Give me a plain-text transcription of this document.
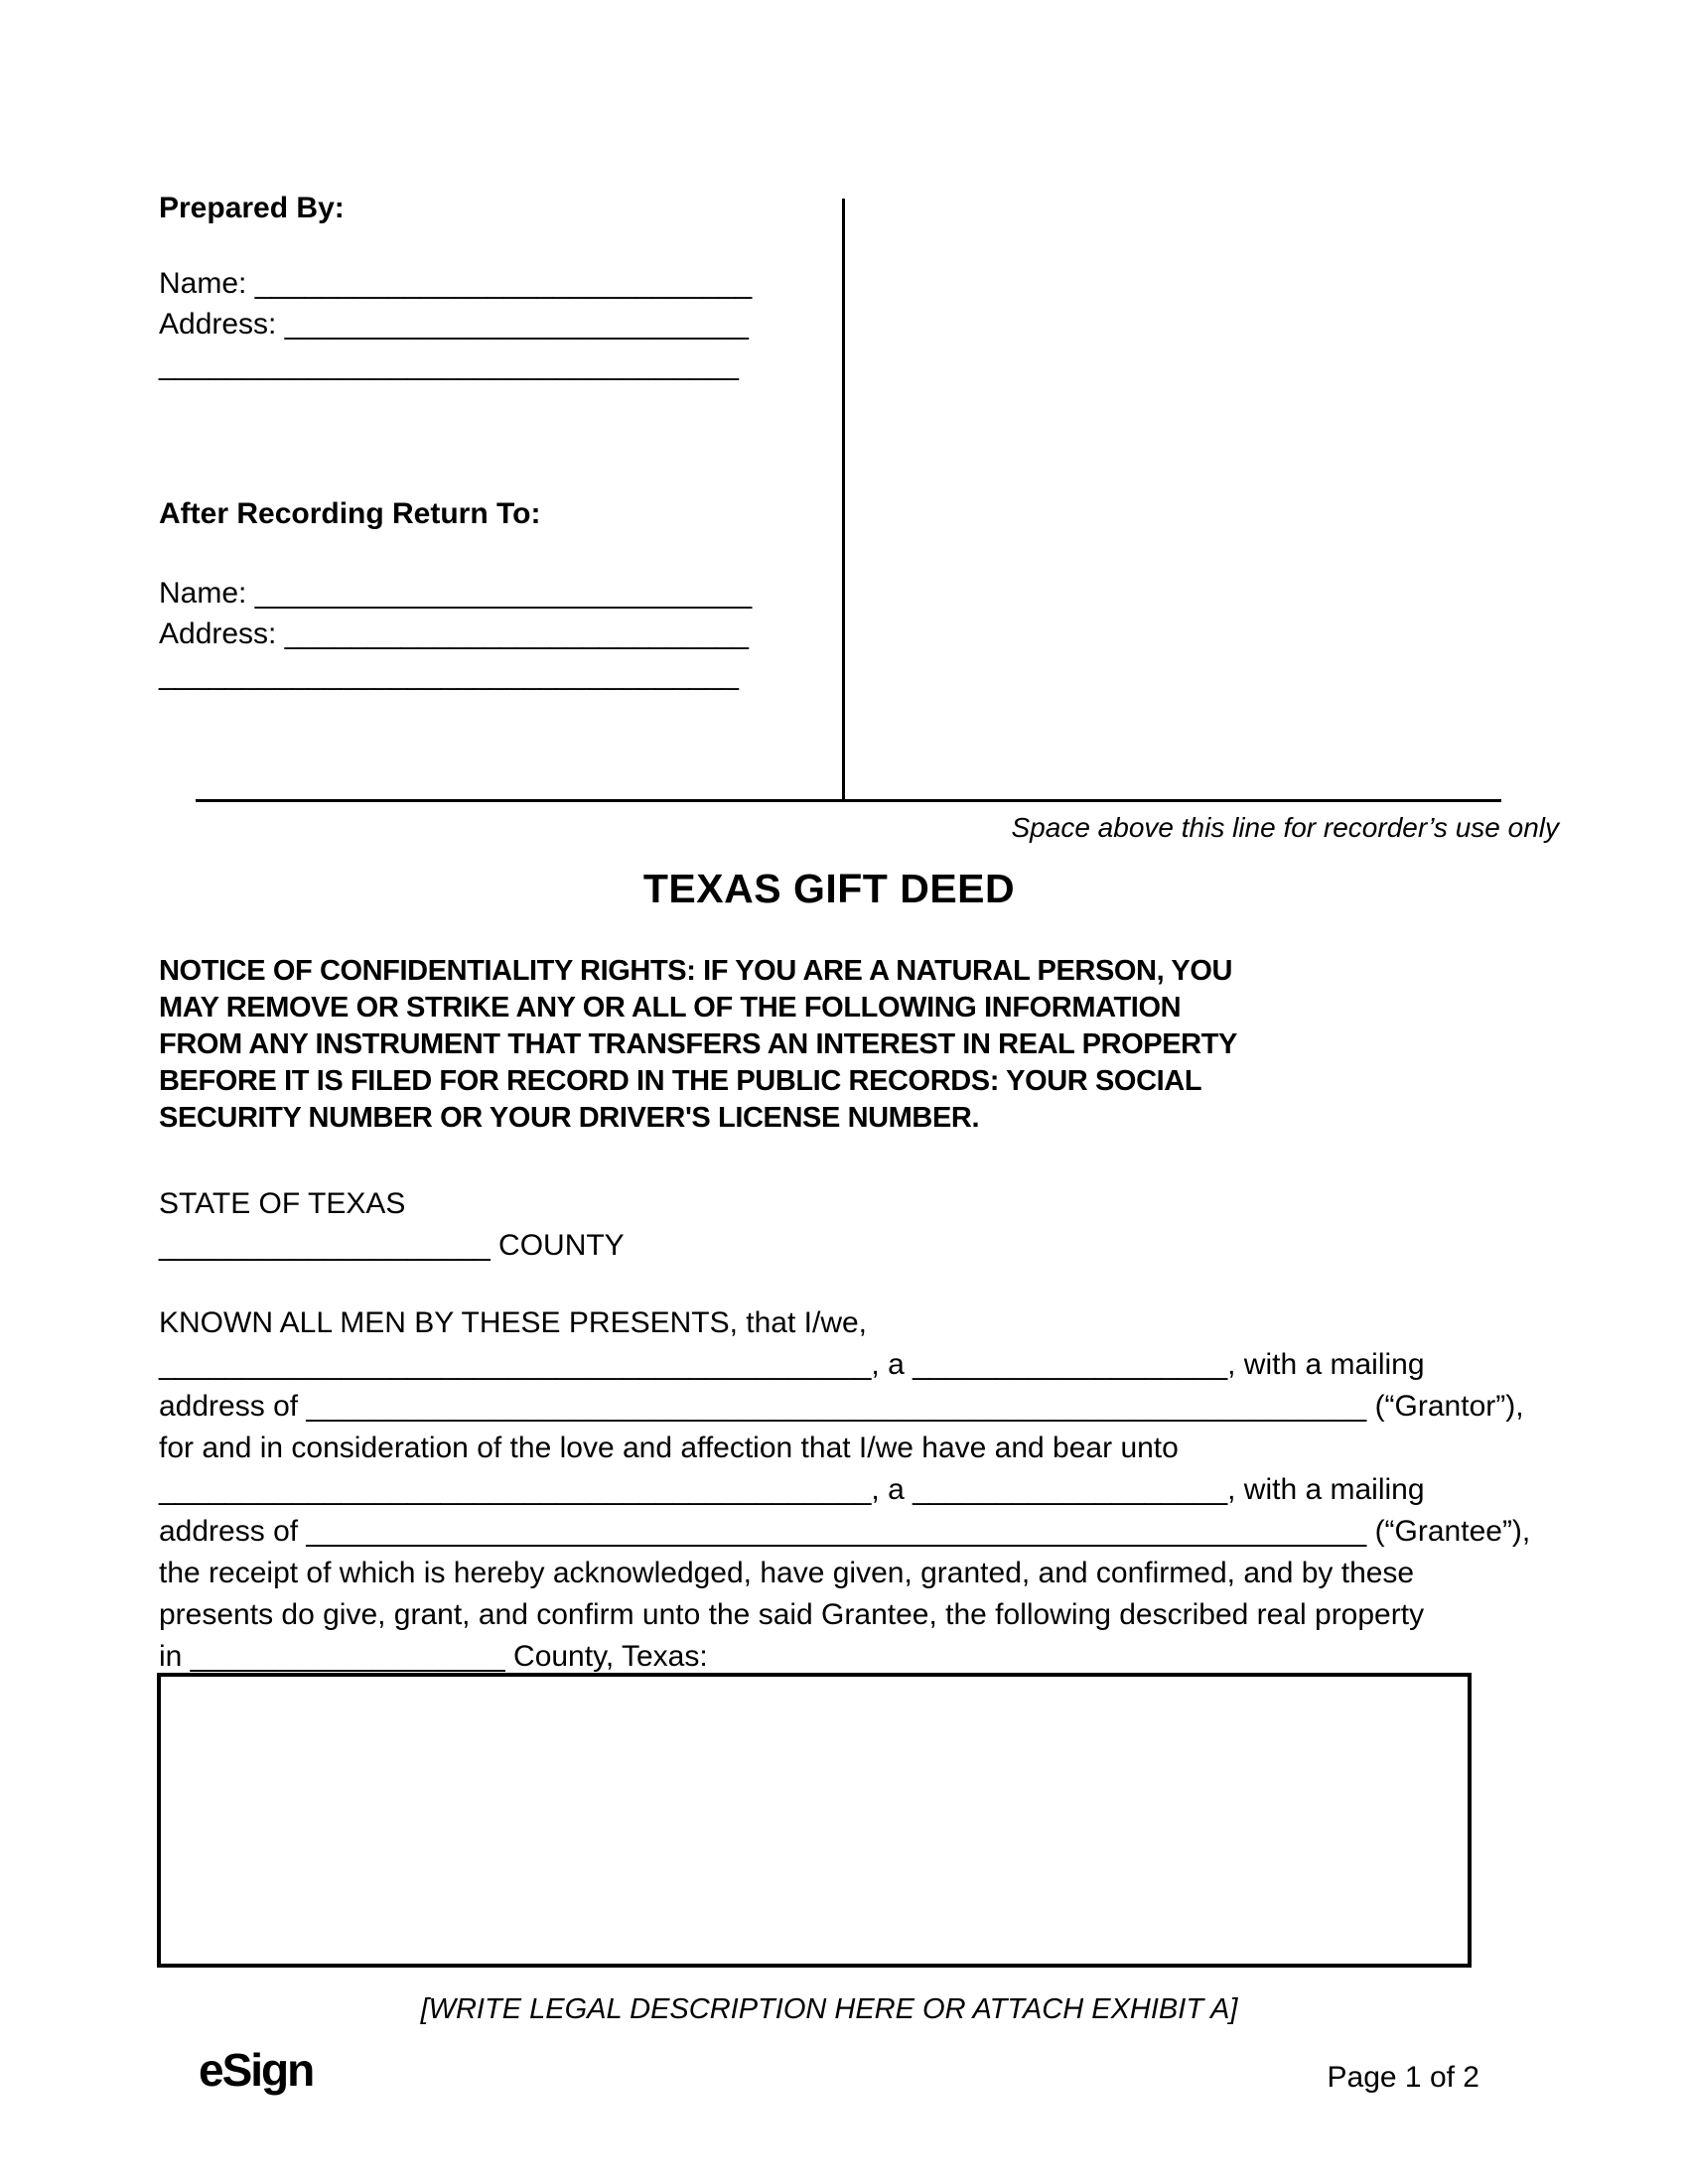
Prepared By:
Name: ______________________________
Address: ____________________________
___________________________________
After Recording Return To:
Name: ______________________________
Address: ____________________________
___________________________________
Space above this line for recorder’s use only
TEXAS GIFT DEED
NOTICE OF CONFIDENTIALITY RIGHTS: IF YOU ARE A NATURAL PERSON, YOU
MAY REMOVE OR STRIKE ANY OR ALL OF THE FOLLOWING INFORMATION
FROM ANY INSTRUMENT THAT TRANSFERS AN INTEREST IN REAL PROPERTY
BEFORE IT IS FILED FOR RECORD IN THE PUBLIC RECORDS: YOUR SOCIAL
SECURITY NUMBER OR YOUR DRIVER'S LICENSE NUMBER.
STATE OF TEXAS
____________________ COUNTY
KNOWN ALL MEN BY THESE PRESENTS, that I/we,
___________________________________________, a ___________________, with a mailing
address of ________________________________________________________________ (“Grantor”),
for and in consideration of the love and affection that I/we have and bear unto
___________________________________________, a ___________________, with a mailing
address of ________________________________________________________________ (“Grantee”),
the receipt of which is hereby acknowledged, have given, granted, and confirmed, and by these
presents do give, grant, and confirm unto the said Grantee, the following described real property
in ___________________ County, Texas:
[WRITE LEGAL DESCRIPTION HERE OR ATTACH EXHIBIT A]
eSign	Page 1 of 2
